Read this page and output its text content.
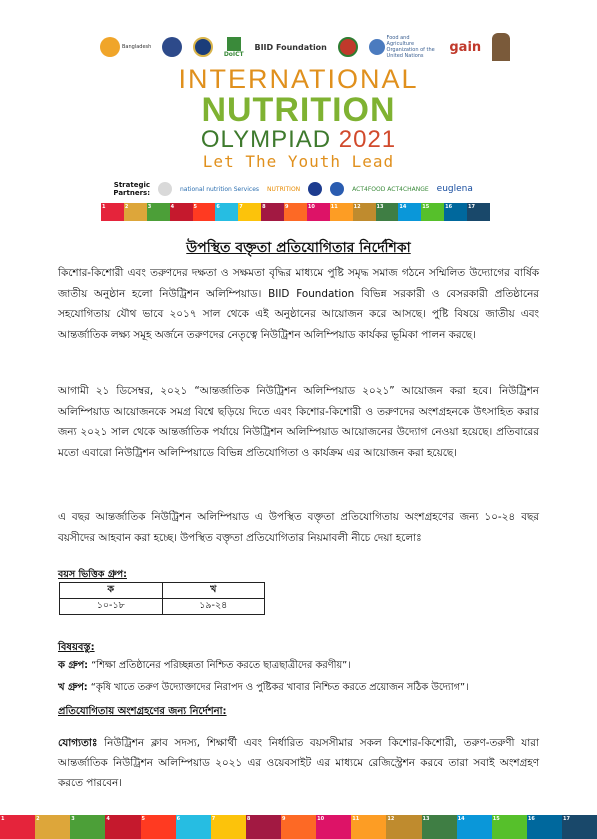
Bangladesh
DoICT
BIID Foundation
Food and Agriculture Organization of the United Nations
gain
INTERNATIONAL
NUTRITION
OLYMPIAD 2021
Let The Youth Lead
Strategic Partners:	national nutrition Services NUTRITION	ACT4FOOD ACT4CHANGE euglena
1	2	3	4	5	6	7	8	9	10	11	12	13	14	15	16	17
উপস্থিত বক্তৃতা প্রতিযোগিতার নির্দেশিকা

কিশোর-কিশোরী এবং তরুণদের দক্ষতা ও সক্ষমতা বৃদ্ধির মাধ্যমে পুষ্টি সমৃদ্ধ সমাজ গঠনে সম্মিলিত উদ্যোগের বার্ষিক জাতীয় অনুষ্ঠান হলো নিউট্রিশন অলিম্পিয়াড। BIID Foundation বিভিন্ন সরকারী ও বেসরকারী প্রতিষ্ঠানের সহযোগিতায় যৌথ ভাবে ২০১৭ সাল থেকে এই অনুষ্ঠানের আয়োজন করে আসছে। পুষ্টি বিষয়ে জাতীয় এবং আন্তর্জাতিক লক্ষ্য সমূহ অর্জনে তরুণদের নেতৃত্বে নিউট্রিশন অলিম্পিয়াড কার্যকর ভূমিকা পালন করছে।

আগামী ২১ ডিসেম্বর, ২০২১ “আন্তর্জাতিক নিউট্রিশন অলিম্পিয়াড ২০২১” আয়োজন করা হবে। নিউট্রিশন অলিম্পিয়াড আয়োজনকে সমগ্র বিশ্বে ছড়িয়ে দিতে এবং কিশোর-কিশোরী ও তরুণদের অংশগ্রহনকে উৎসাহিত করার জন্য ২০২১ সাল থেকে আন্তর্জাতিক পর্যায়ে নিউট্রিশন অলিম্পিয়াড আয়োজনের উদ্যোগ নেওয়া হয়েছে। প্রতিবারের মতো এবারো নিউট্রিশন অলিম্পিয়াডে বিভিন্ন প্রতিযোগিতা ও কার্যক্রম এর আয়োজন করা হয়েছে।

এ বছর আন্তর্জাতিক নিউট্রিশন অলিম্পিয়াড এ উপস্থিত বক্তৃতা প্রতিযোগিতায় অংশগ্রহণের জন্য ১০-২৪ বছর বয়সীদের আহবান করা হচ্ছে। উপস্থিত বক্তৃতা প্রতিযোগিতার নিয়মাবলী নীচে দেয়া হলোঃ

বয়স ভিত্তিক গ্রুপ:
ক	খ
১০-১৮	১৯-২৪
বিষয়বস্তু:
ক গ্রুপ: “শিক্ষা প্রতিষ্ঠানের পরিচ্ছন্নতা নিশ্চিত করতে ছাত্রছাত্রীদের করণীয়”।
খ গ্রুপ: “কৃষি খাতে তরুণ উদ্যোক্তাদের নিরাপদ ও পুষ্টিকর খাবার নিশ্চিত করতে প্রয়োজন সঠিক উদ্যোগ”।
প্রতিযোগিতায় অংশগ্রহণের জন্য নির্দেশনা:

যোগ্যতাঃ নিউট্রিশন ক্লাব সদস্য, শিক্ষার্থী এবং নির্ধারিত বয়সসীমার সকল কিশোর-কিশোরী, তরুণ-তরুণী যারা আন্তর্জাতিক নিউট্রিশন অলিম্পিয়াড ২০২১ এর ওয়েবসাইট এর মাধ্যমে রেজিস্ট্রেশন করবে তারা সবাই অংশগ্রহণ করতে পারবেন।

1	2	3	4	5	6	7	8	9	10	11	12	13	14	15	16	17
